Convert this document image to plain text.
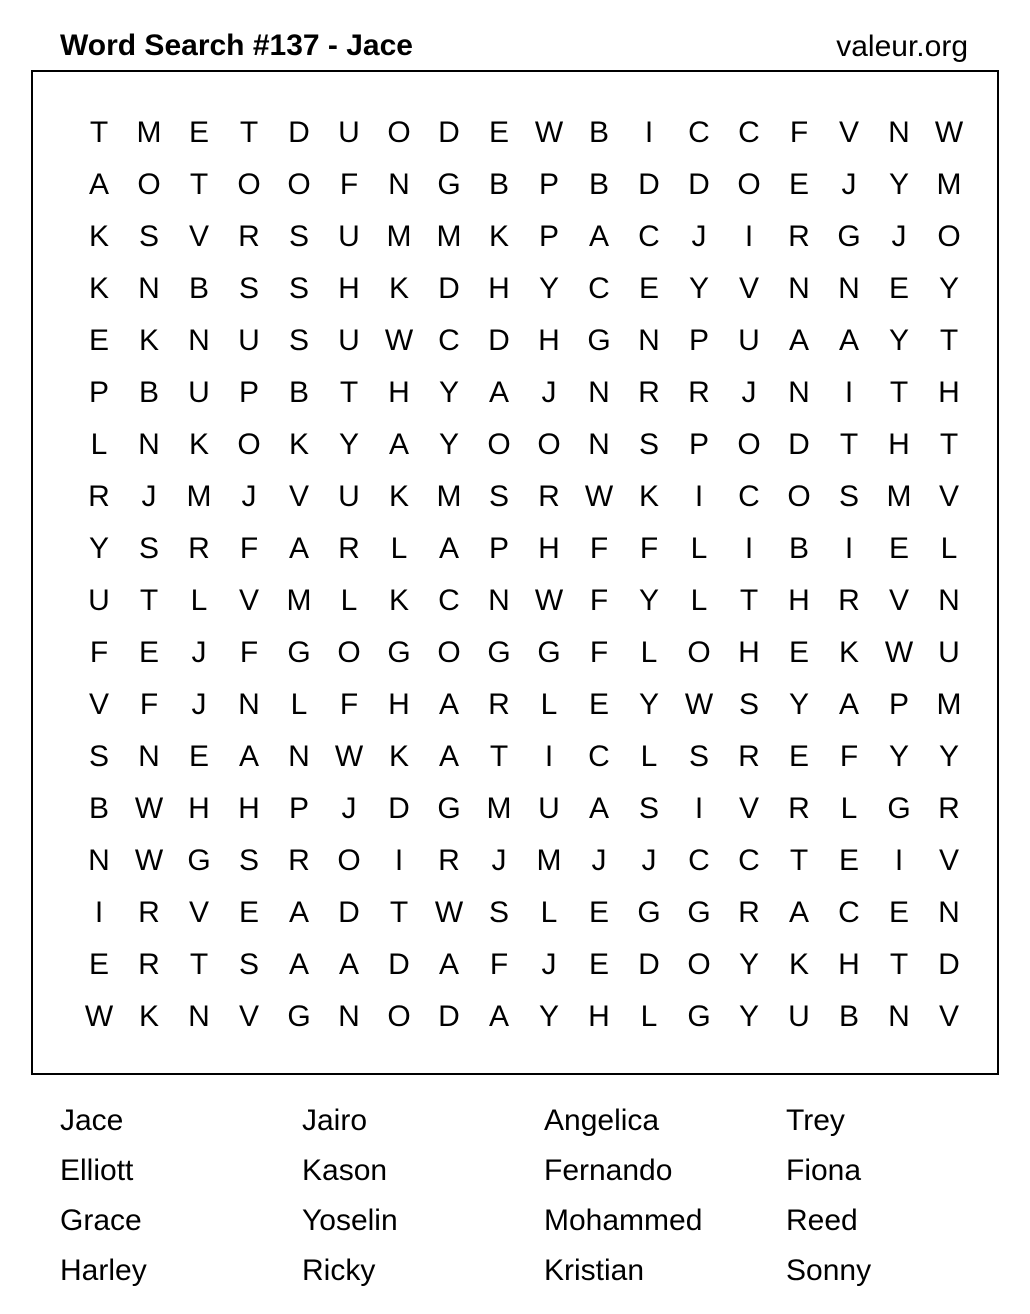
Word Search #137 - Jace	valeur.org
T M E	T	D U O D E W B	I	C C	F	V N W
A O T O O F	N G B P B D D O E	J	Y M
K S V R S U M M K P A C	J	I	R G	J	O
K N B S S H K D H Y C E Y V N N E Y
E K N U S U W C D H G N P U A A Y	T
P B U P B	T	H Y A	J	N R R	J	N	I	T	H
L	N K O K Y A Y O O N S P O D	T	H	T
R	J	M	J	V U K M S R W K	I	C O S M V
Y S R	F	A R	L	A P H	F	F	L	I	B	I	E	L
U	T	L	V M L	K C N W F	Y	L	T	H R V N
F	E	J	F G O G O G G F	L O H E K W U
V	F	J	N	L	F	H A R	L	E Y W S Y A P M
S N E A N W K A	T	I	C	L	S R E	F	Y Y
B W H H P	J	D G M U A S	I	V R	L G R
N W G S R O	I	R	J	M	J	J	C C	T	E	I	V
I	R V E A D	T W S	L	E G G R A C E N
E R	T	S A A D A	F	J	E D O Y K H	T	D
W K N V G N O D A Y H	L G Y U B N V
Jace	Jairo	Angelica	Trey
Elliott	Kason	Fernando	Fiona
Grace	Yoselin	Mohammed	Reed
Harley	Ricky	Kristian	Sonny
